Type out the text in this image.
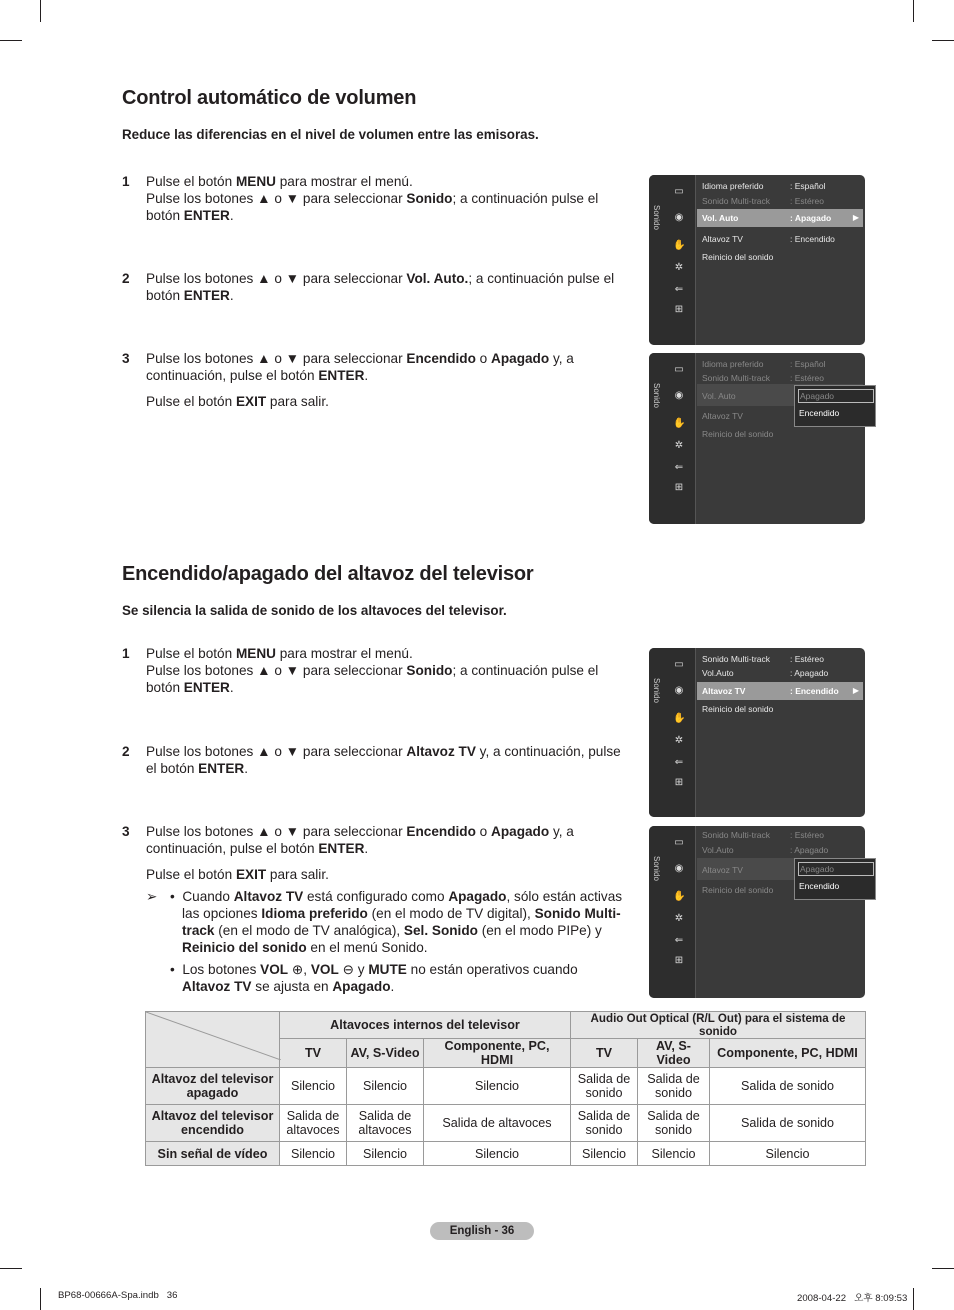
Control automático de volumen
Reduce las diferencias en el nivel de volumen entre las emisoras.
1 Pulse el botón MENU para mostrar el menú.
Pulse los botones ▲ o ▼ para seleccionar Sonido; a continuación pulse el botón ENTER.
2 Pulse los botones ▲ o ▼ para seleccionar Vol. Auto.; a continuación pulse el botón ENTER.
3 Pulse los botones ▲ o ▼ para seleccionar Encendido o Apagado y, a continuación, pulse el botón ENTER.

Pulse el botón EXIT para salir.
Sonido
▭
◉
✋
✲
⇐
⊞
Idioma preferido	: Español
Sonido Multi-track : Estéreo
Vol. Auto	: Apagado	▶
Altavoz TV	: Encendido
Reinicio del sonido
Sonido
▭
◉
✋
✲
⇐
⊞
Idioma preferido	: Español
Sonido Multi-track : Estéreo
Vol. Auto
Altavoz TV
Reinicio del sonido
Apagado
Encendido
Encendido/apagado del altavoz del televisor
Se silencia la salida de sonido de los altavoces del televisor.
1 Pulse el botón MENU para mostrar el menú.
Pulse los botones ▲ o ▼ para seleccionar Sonido; a continuación pulse el botón ENTER.
2 Pulse los botones ▲ o ▼ para seleccionar Altavoz TV y, a continuación, pulse el botón ENTER.
3 Pulse los botones ▲ o ▼ para seleccionar Encendido o Apagado y, a continuación, pulse el botón ENTER.

Pulse el botón EXIT para salir.
➢ •  Cuando Altavoz TV está configurado como Apagado, sólo están activas
las opciones Idioma preferido (en el modo de TV digital), Sonido Multi-
track (en el modo de TV analógica), Sel. Sonido (en el modo PIPe) y
Reinicio del sonido en el menú Sonido.
•  Los botones VOL ⊕, VOL ⊖ y MUTE no están operativos cuando
Altavoz TV se ajusta en Apagado.
Sonido
▭
◉
✋
✲
⇐
⊞
Sonido Multi-track : Estéreo
Vol.Auto	: Apagado
Altavoz TV	: Encendido ▶
Reinicio del sonido
Sonido
▭
◉
✋
✲
⇐
⊞
Sonido Multi-track : Estéreo
Vol.Auto	: Apagado
Altavoz TV
Reinicio del sonido
Apagado
Encendido
	Altavoces internos del televisor			Audio Out Optical (R/L Out) para el sistema de sonido		
	TV	AV, S-Video	Componente, PC, HDMI	TV	AV, S-Video	Componente, PC, HDMI
Altavoz del televisor apagado	Silencio	Silencio	Silencio	Salida de sonido	Salida de sonido	Salida de sonido
Altavoz del televisor encendido	Salida de altavoces	Salida de altavoces	Salida de altavoces	Salida de sonido	Salida de sonido	Salida de sonido
Sin señal de vídeo	Silencio	Silencio	Silencio	Silencio	Silencio	Silencio
English - 36
BP68-00666A-Spa.indb   36	2008-04-22   오후 8:09:53
